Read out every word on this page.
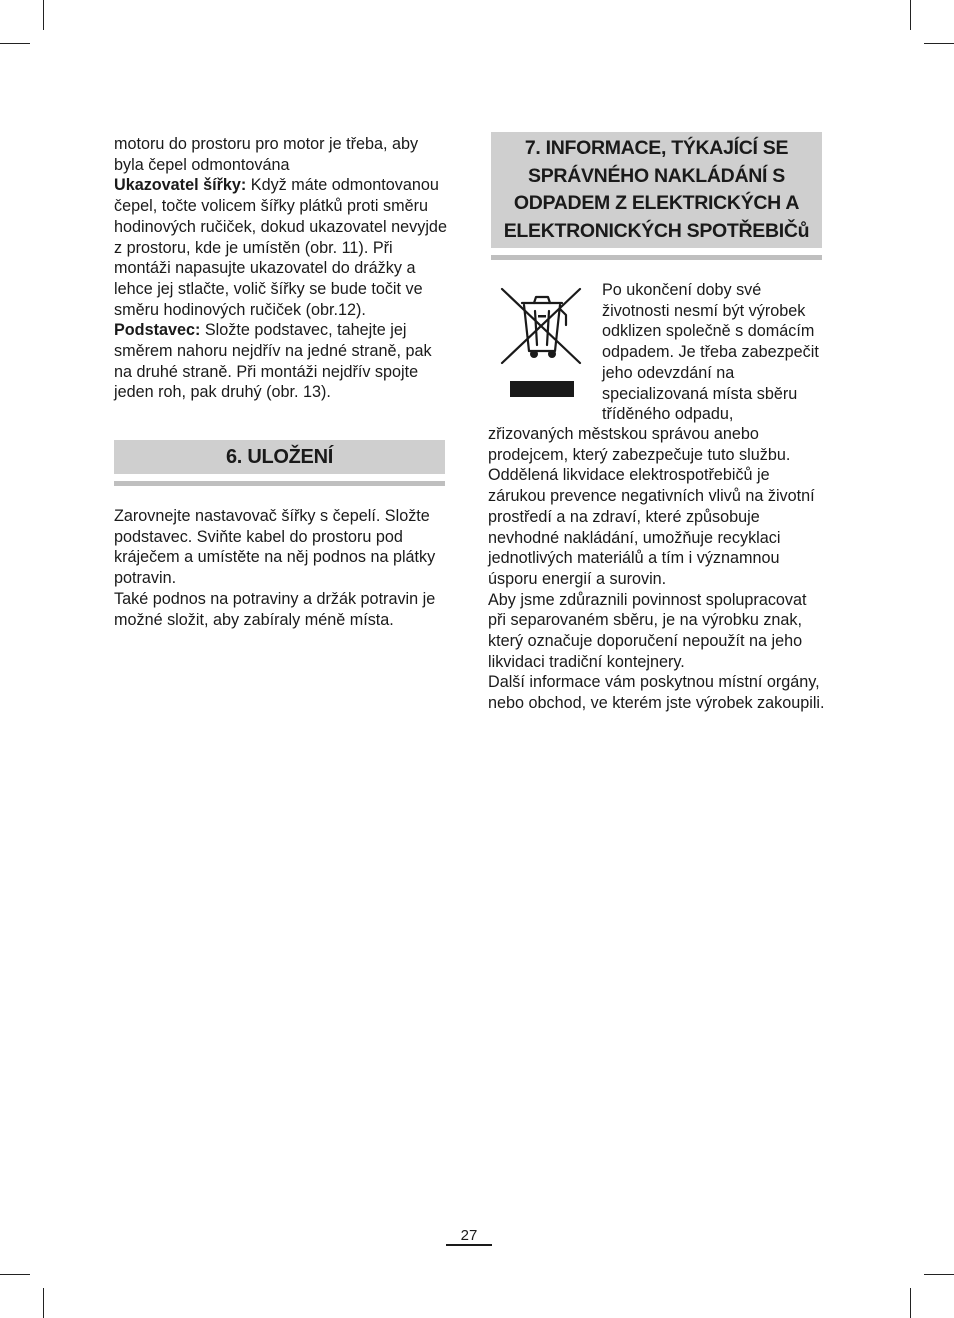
motoru do prostoru pro motor je třeba, aby byla čepel odmontována

Ukazovatel šířky: Když máte odmontovanou čepel, točte volicem šířky plátků proti směru hodinových ručiček, dokud ukazovatel nevyjde z prostoru, kde je umístěn (obr. 11). Při montáži napasujte ukazovatel do drážky a lehce jej stlačte, volič šířky se bude točit ve směru hodinových ručiček (obr.12).

Podstavec: Složte podstavec, tahejte jej směrem nahoru nejdřív na jedné straně, pak na druhé straně. Při montáži nejdřív spojte jeden roh, pak druhý (obr. 13).

6. ULOŽENÍ

Zarovnejte nastavovač šířky s čepelí. Složte podstavec. Sviňte kabel do prostoru pod kráječem a umístěte na něj podnos na plátky potravin.

Také podnos na potraviny a držák potravin je možné složit, aby zabíraly méně místa.

7. INFORMACE, TÝKAJÍCÍ SE SPRÁVNÉHO NAKLÁDÁNÍ S ODPADEM Z ELEKTRICKÝCH A ELEKTRONICKÝCH SPOTŘEBIČů

Po ukončení doby své životnosti nesmí být výrobek odklizen společně s domácím odpadem. Je třeba zabezpečit jeho odevzdání na specializovaná místa sběru tříděného odpadu,

zřizovaných městskou správou anebo prodejcem, který zabezpečuje tuto službu. Oddělená likvidace elektrospotřebičů je zárukou prevence negativních vlivů na životní prostředí a na zdraví, které způsobuje nevhodné nakládání, umožňuje recyklaci jednotlivých materiálů a tím i významnou úsporu energií a surovin.

Aby jsme zdůraznili povinnost spolupracovat při separovaném sběru, je na výrobku znak, který označuje doporučení nepoužít na jeho likvidaci tradiční kontejnery.

Další informace vám poskytnou místní orgány, nebo obchod, ve kterém jste výrobek zakoupili.

27
